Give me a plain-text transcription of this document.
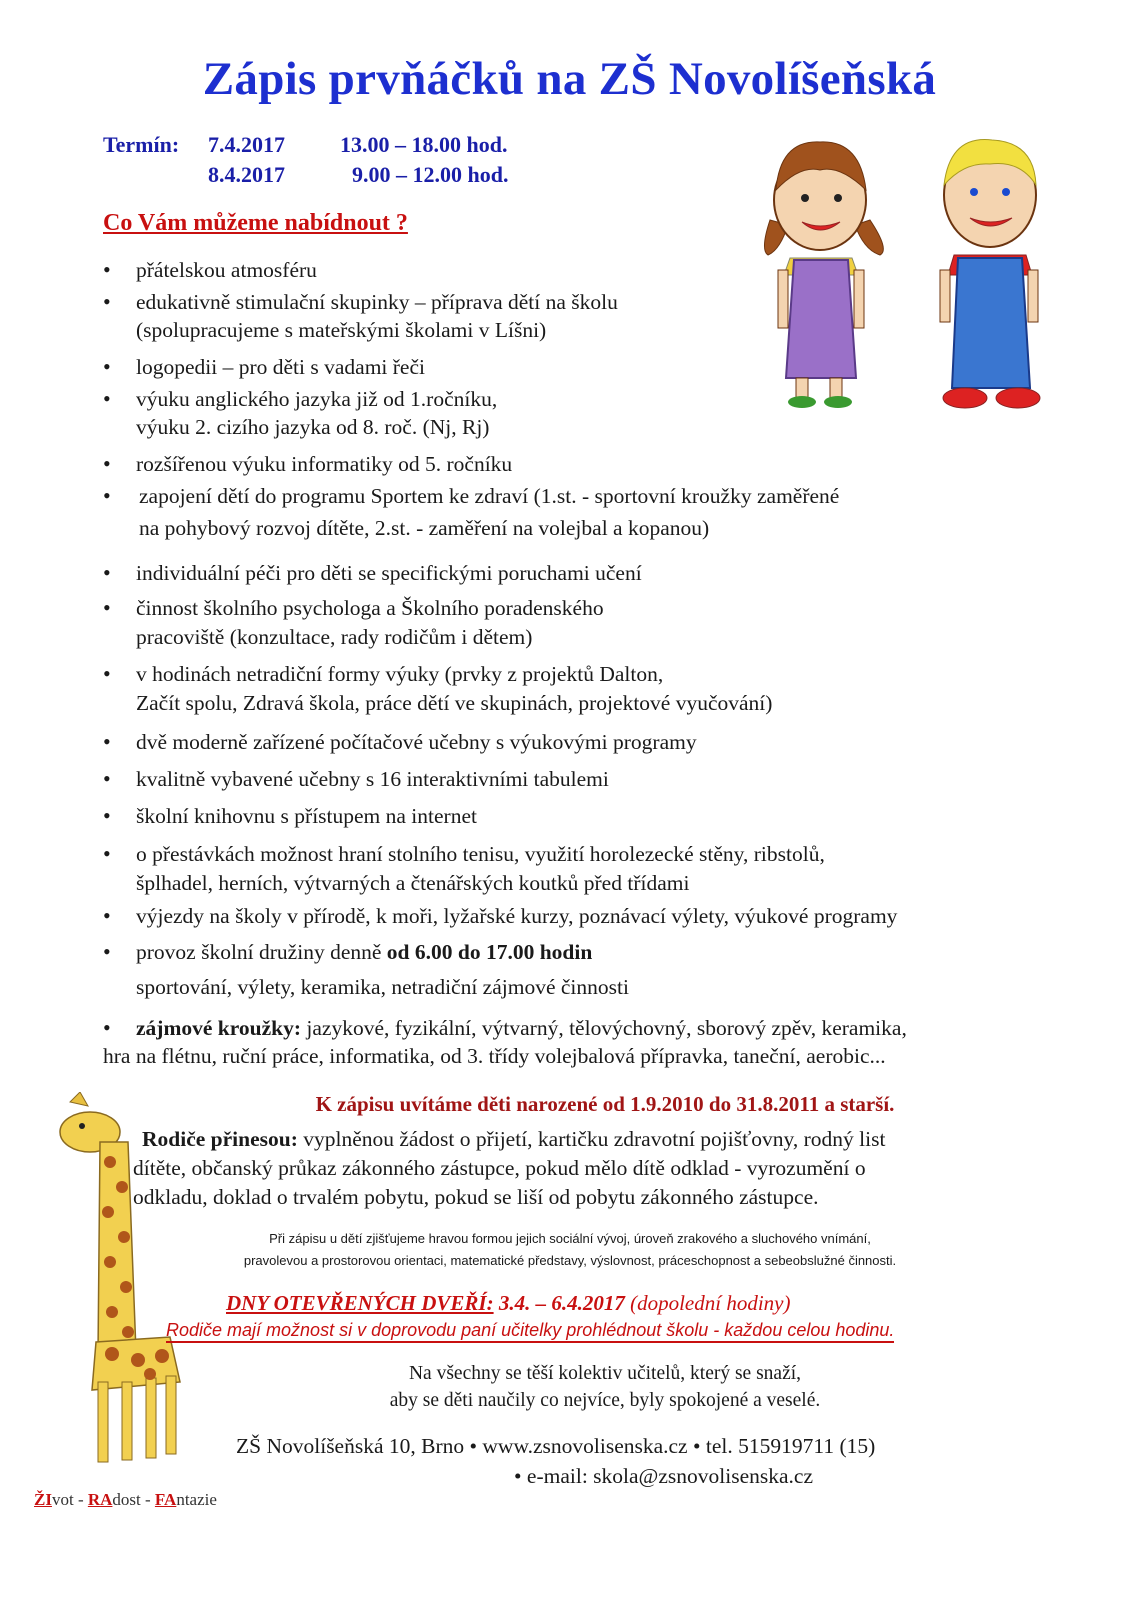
Zápis prvňáčků na ZŠ Novolíšeňská
Termín: 7.4.2017	13.00 – 18.00 hod.
8.4.2017	9.00 – 12.00 hod.
Co Vám můžeme nabídnout ?
• přátelskou atmosféru
• edukativně stimulační skupinky – příprava dětí na školu
(spolupracujeme s mateřskými školami v Líšni)
• logopedii – pro děti s vadami řeči
• výuku anglického jazyka již od 1.ročníku,
výuku 2. cizího jazyka od 8. roč. (Nj, Rj)
• rozšířenou výuku informatiky od 5. ročníku
• zapojení dětí do programu Sportem ke zdraví (1.st. - sportovní kroužky zaměřené
na pohybový rozvoj dítěte, 2.st. - zaměření na volejbal a kopanou)
• individuální péči pro děti se specifickými poruchami učení
• činnost školního psychologa a Školního poradenského
pracoviště (konzultace, rady rodičům i dětem)
• v hodinách netradiční formy výuky (prvky z projektů Dalton,
Začít spolu, Zdravá škola, práce dětí ve skupinách, projektové vyučování)
• dvě moderně zařízené počítačové učebny s výukovými programy
• kvalitně vybavené učebny s 16 interaktivními tabulemi
• školní knihovnu s přístupem na internet
• o přestávkách možnost hraní stolního tenisu, využití horolezecké stěny, ribstolů,
šplhadel, herních, výtvarných a čtenářských koutků před třídami
• výjezdy na školy v přírodě, k moři, lyžařské kurzy, poznávací výlety, výukové programy
• provoz školní družiny denně od 6.00 do 17.00 hodin
sportování, výlety, keramika, netradiční zájmové činnosti
• zájmové kroužky: jazykové, fyzikální, výtvarný, tělovýchovný, sborový zpěv, keramika,
hra na flétnu, ruční práce, informatika, od 3. třídy volejbalová přípravka, taneční, aerobic...
K zápisu uvítáme děti narozené od 1.9.2010 do 31.8.2011 a starší.
Rodiče přinesou: vyplněnou žádost o přijetí, kartičku zdravotní pojišťovny, rodný list
dítěte, občanský průkaz zákonného zástupce, pokud mělo dítě odklad - vyrozumění o
odkladu, doklad o trvalém pobytu, pokud se liší od pobytu zákonného zástupce.
Při zápisu u dětí zjišťujeme hravou formou jejich sociální vývoj, úroveň zrakového a sluchového vnímání,
pravolevou a prostorovou orientaci, matematické představy, výslovnost, práceschopnost a sebeobslužné činnosti.
DNY OTEVŘENÝCH DVEŘÍ: 3.4. – 6.4.2017 (dopolední hodiny)
Rodiče mají možnost si v doprovodu paní učitelky prohlédnout školu - každou celou hodinu.
Na všechny se těší kolektiv učitelů, který se snaží,
aby se děti naučily co nejvíce, byly spokojené a veselé.
ZŠ Novolíšeňská 10, Brno • www.zsnovolisenska.cz • tel. 515919711 (15)
• e-mail: skola@zsnovolisenska.cz
ŽIvot - RAdost - FAntazie
